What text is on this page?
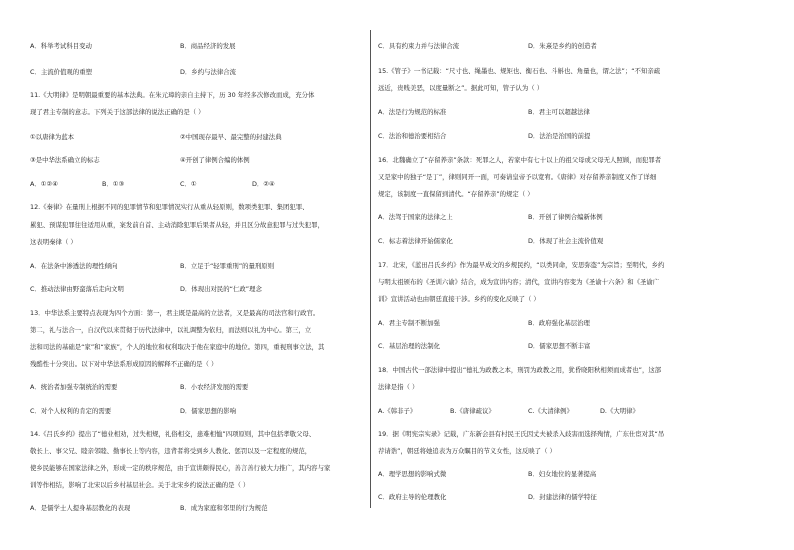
A．科举考试科目变动	B．商品经济的发展
C．主流价值观的重塑	D．乡约与法律合流
11.《大明律》是明朝最重要的基本法典。在朱元璋的亲自主持下，历 30 年经多次修改而成，充分体
现了君主专制的意志。下列关于这部法律的说法正确的是（ ）
①以唐律为蓝本	②中国现存最早、最完整的封建法典
③是中华法系确立的标志	④开创了律例合编的体例
A．①②④	B．①③	C．①	D．②④
12.《秦律》在量刑上根据不同的犯罪情节和犯罪情况实行从重从轻原则，数项类犯罪、集团犯罪、
累犯、预谋犯罪往往适用从重，案发前自首、主动消除犯罪后果者从轻，并且区分故意犯罪与过失犯罪，
这表明秦律（ ）
A．在法条中渗透法的理性倾向	B．立足于“轻罪重刑”的量刑原则
C．推动法律由野蛮落后走向文明	D．体现出对民的“仁政”理念
13．中华法系主要特点表现为四个方面：第一，君主既是最高的立法者，又是最高的司法官和行政官。
第二，礼与法合一，自汉代以来贯彻于历代法律中，以礼调整为依归，而法则以礼为中心。第三，立
法和司法的基础是“家”和“家族”，个人的地位和权利取决于他在家庭中的地位。第四，重视刑事立法，其
残酷性十分突出。以下对中华法系形成原因的解释不正确的是（ ）
A．统治者加强专制统治的需要	B．小农经济发展的需要
C．对个人权利的肯定的需要	D．儒家思想的影响
14.《吕氏乡约》提出了“德业相劝，过失相规，礼俗相交，患难相恤”四项原则，其中包括孝敬父母、
敬长上、事父兄、睦亲邻睦、勤事长上等内容，违背者将受到乡人教化、惩罚以及一定程度的规范，
使乡民能够在国家法律之外，形成一定的秩序规范，由于宣讲颇得民心，善言善行被大力推广，其内容与家
训等作相结，影响了北宋以后乡村基层社会。关于北宋乡约说法正确的是（ ）
A．是儒学士人提身基层教化的表现	B．成为家庭和邻里的行为规范
C．具有约束力并与法律合流	D．朱熹是乡约的创造者
15.《管子》一书记载：“尺寸也、绳墨也、规矩也、衡石也、斗斛也、角量也，谓之法”；“不知亲疏
远近，贵贱美恶，以度量断之”。据此可知，管子认为（ ）
A．法是行为规范的标准	B．君主可以超越法律
C．法治和德治要相结合	D．法治是治国的前提
16．北魏确立了“存留养亲”条款：死罪之人，若家中有七十以上的祖父母或父母无人照顾，而犯罪者
又是家中的独子“是丁”，律则同开一面，可奏请皇帝予以宽宥。《唐律》对存留养亲制度又作了详细
规定，该制度一直保留到清代。“存留养亲”的规定（ ）
A．法驾于国家的法律之上	B．开创了律例合编新体例
C．标志着法律开始儒家化	D．体现了社会主流价值观
17．北宋，《蓝田吕氏乡约》作为最早成文的乡规民约，“以类同命，安思弥盗”为宗旨；至明代，乡约
与明太祖颁布的《圣训六谕》结合，成为宣讲内容；清代，宣讲内容变为《圣谕十六条》和《圣谕广
训》宣讲活动也由朝廷直接干涉。乡约的变化反映了（ ）
A．君主专制不断加强	B．政府强化基层治理
C．基层治理的法制化	D．儒家思想不断丰富
18．中国古代一部法律中提出“德礼为政教之本，刑罚为政教之用，犹昏晓阳秋相须而成者也”，这部
法律是指（ ）
A.《韩非子》	B.《唐律疏议》	C.《大清律例》	D.《大明律》
19．据《明宪宗实录》记载，广东新会县有村民王氏因丈夫被杀入歧害而选择殉情，广东仕宦对其“吊
荐请诰”，朝廷将她追表为万众瞩目的节义女性，这反映了（ ）
A．理学思想的影响式微	B．妇女地位的显著提高
C．政府主导的伦理教化	D．封建法律的儒学特征
